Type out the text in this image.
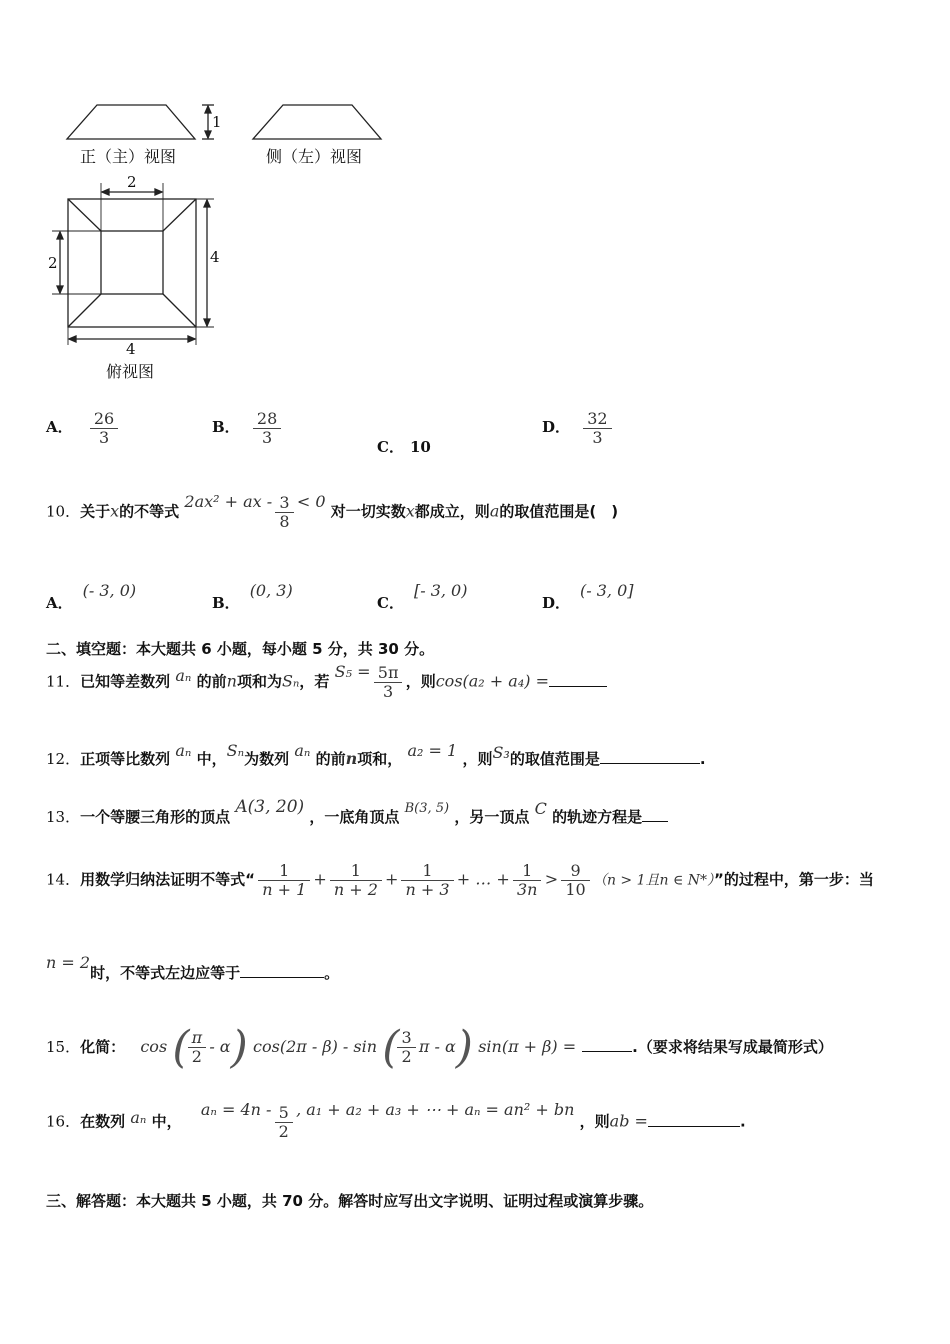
1
正（主）视图	侧（左）视图
2
2	4
4
俯视图
A． $\frac{26}{3}$	B． $\frac{28}{3}$
C． 10
D． $\frac{32}{3}$
10．关于x的不等式 2ax² + ax - $\frac{3}{8} < 0$ 对一切实数x都成立，则a的取值范围是(　)
A．(- 3, 0)
B．(0, 3)
C．[- 3, 0)
D．(- 3, 0]
二、填空题：本大题共 6 小题，每小题 5 分，共 30 分。
11．已知等差数列 aₙ 的前n项和为Sₙ，若 $S_5 = \frac{5\pi}{3}$ ，则cos(a₂ + a₄) =
12．正项等比数列 aₙ 中，Sₙ为数列 aₙ 的前n项和， a₂ = 1 ，则S₃的取值范围是	.
13．一个等腰三角形的顶点 A(3, 20) ，一底角顶点 B(3, 5) ，另一顶点 C 的轨迹方程是
14．用数学归纳法证明不等式“ $\frac{1}{n + 1} + \frac{1}{n + 2} + \frac{1}{n + 3}$ + … + $\frac{1}{3n} > \frac{9}{10} (n > 1$且n ∈ N*）”的过程中，第一步：当
n = 2时，不等式左边应等于	。
15．化简： cos ( $\frac{\pi}{2} - \alpha$) cos(2π - β) - sin ( $\frac{3}{2}$ π - α) sin(π + β) =	.（要求将结果写成最简形式）
16．在数列 aₙ 中， $a_n = 4n - \frac{5}{2}$ , a₁ + a₂ + a₃ + ⋯ + aₙ = an² + bn ，则ab =	.
三、解答题：本大题共 5 小题，共 70 分。解答时应写出文字说明、证明过程或演算步骤。
